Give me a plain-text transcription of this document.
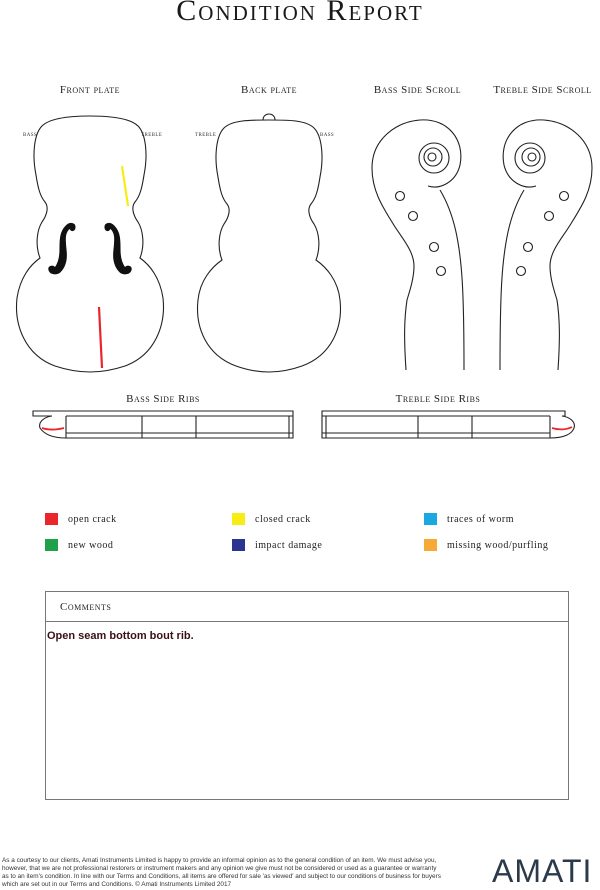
Condition Report
Front plate	Back plate	Bass Side Scroll	Treble Side Scroll
Bass Side Ribs	Treble Side Ribs
bass	treble	treble	bass
open crack	closed crack	traces of worm
new wood	impact damage	missing wood/purfling
Comments
Open seam bottom bout rib.
As a courtesy to our clients, Amati Instruments Limited is happy to provide an informal opinion as to the general condition of an item. We must advise you, however, that we are not professional restorers or instrument makers and any opinion we give must not be considered or used as a guarantee or warranty as to an item's condition. In line with our Terms and Conditions, all items are offered for sale 'as viewed' and subject to our conditions of business for buyers which are set out in our Terms and Conditions. © Amati Instruments Limited 2017	AMATI
